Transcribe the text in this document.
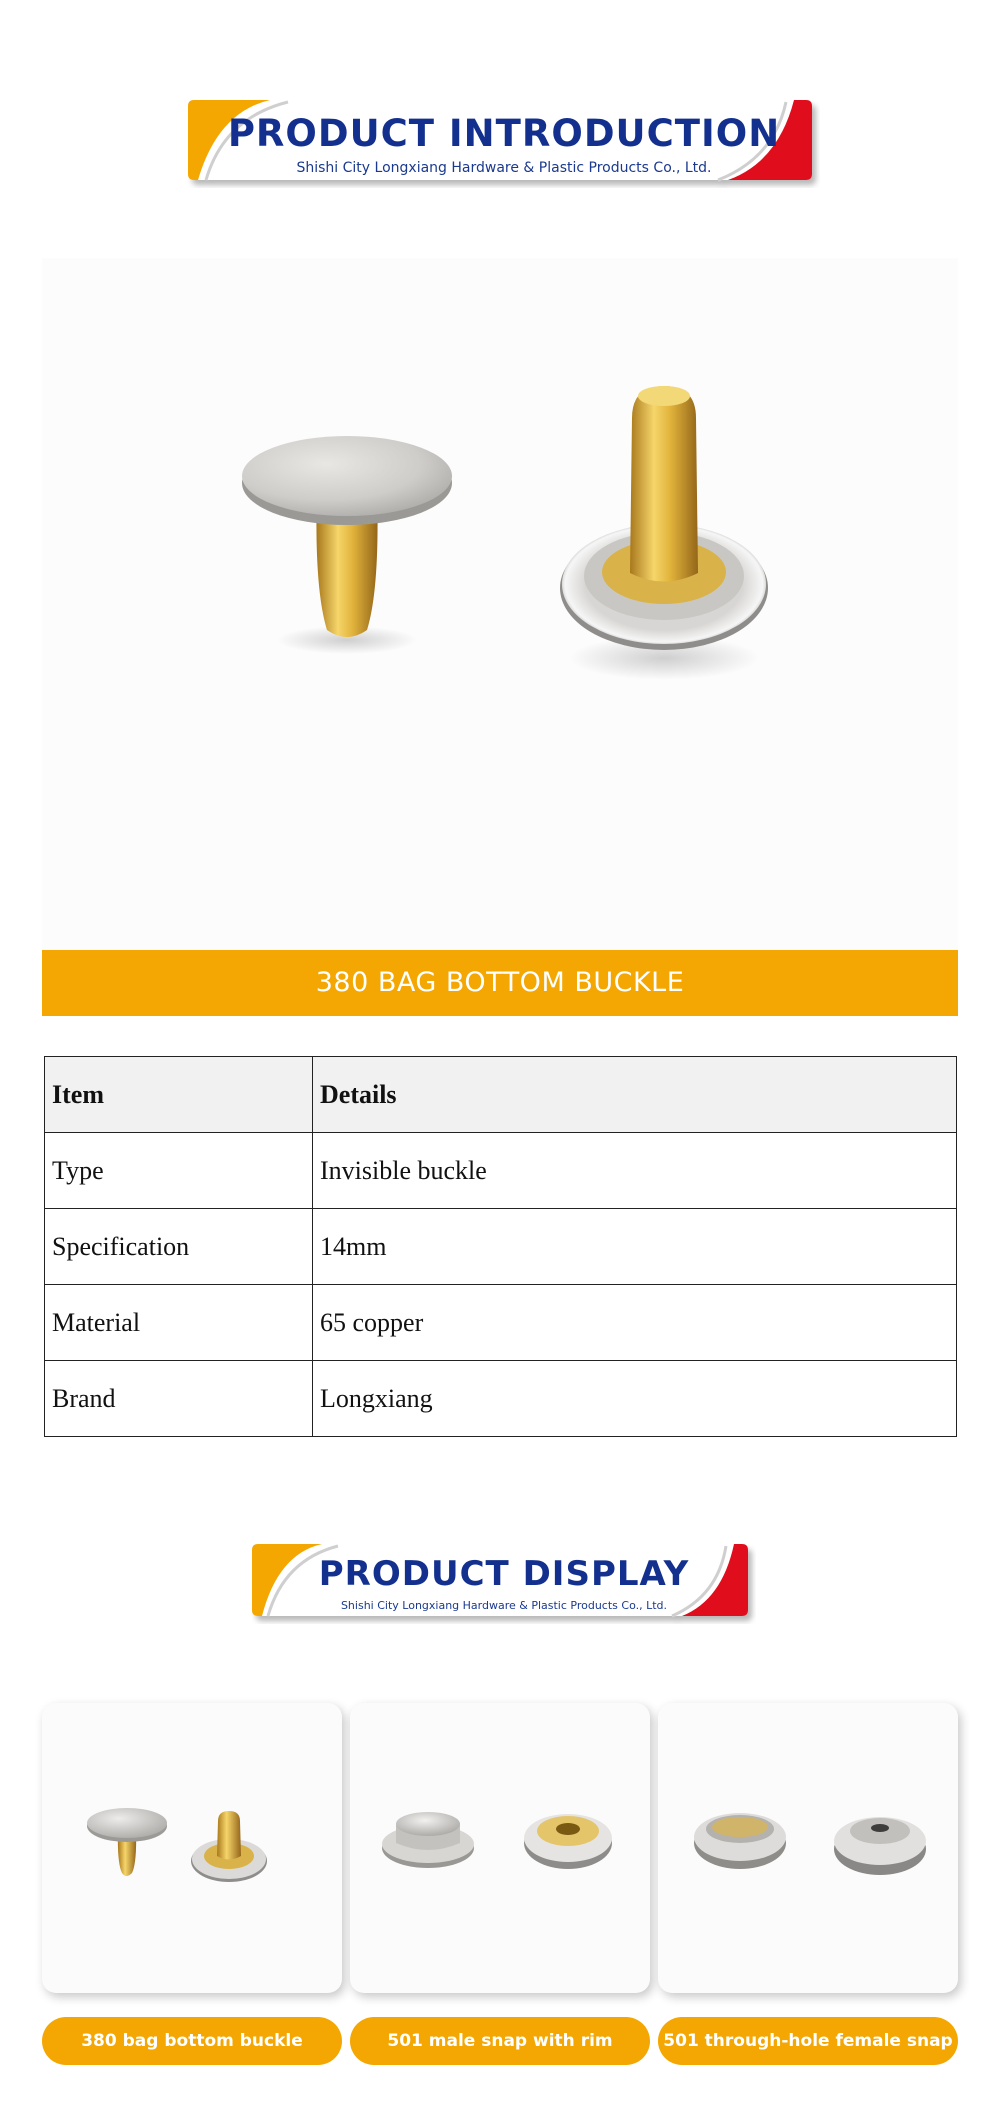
PRODUCT INTRODUCTION
Shishi City Longxiang Hardware & Plastic Products Co., Ltd.
380 BAG BOTTOM BUCKLE
Item	Details
Type	Invisible buckle
Specification	14mm
Material	65 copper
Brand	Longxiang
PRODUCT DISPLAY
Shishi City Longxiang Hardware & Plastic Products Co., Ltd.
380 bag bottom buckle	501 male snap with rim	501 through-hole female snap
